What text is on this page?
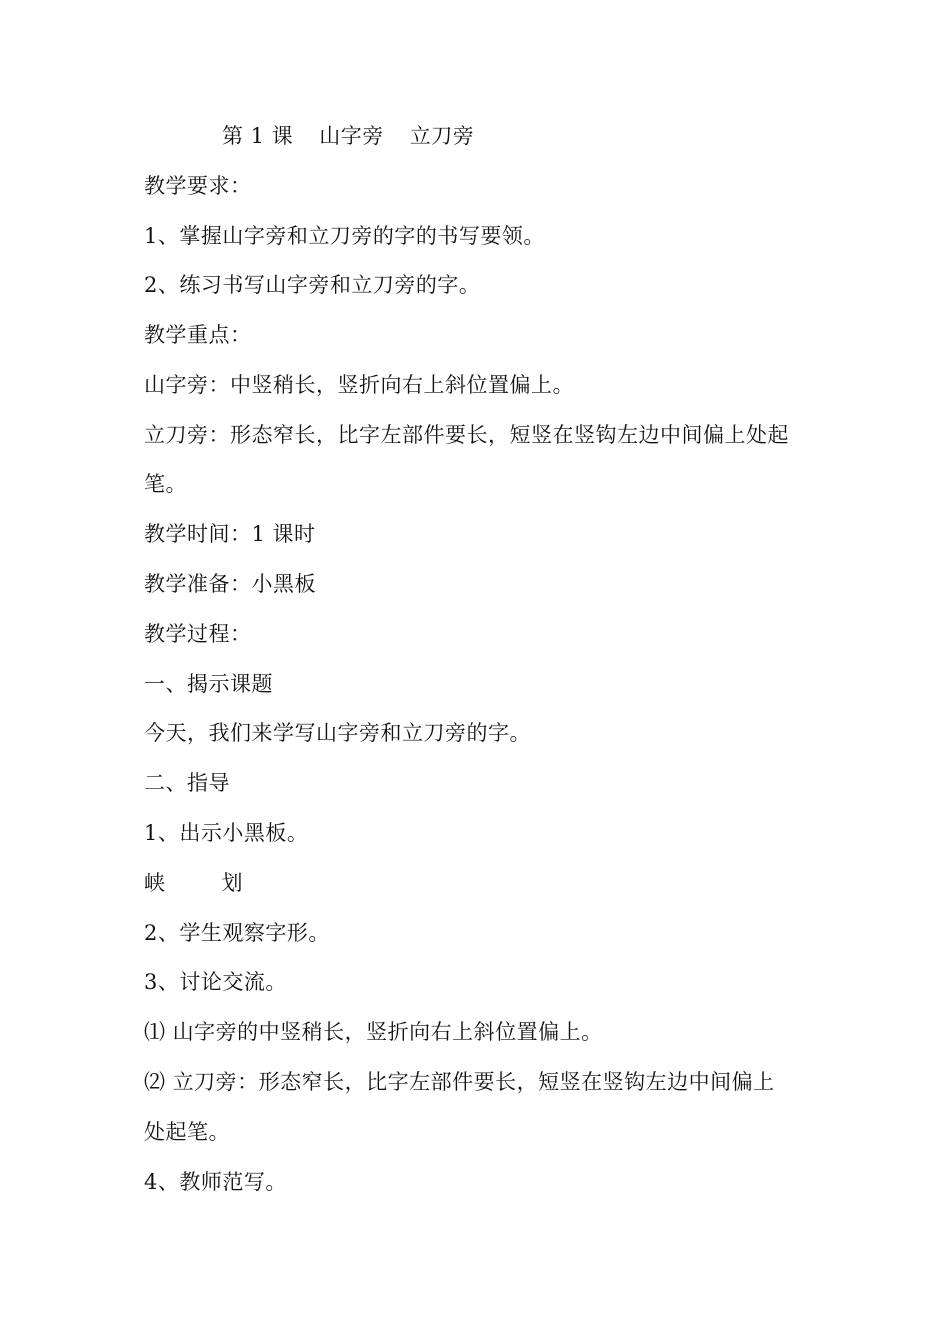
第 1 课 山字旁 立刀旁
教学要求：
1、掌握山字旁和立刀旁的字的书写要领。
2、练习书写山字旁和立刀旁的字。
教学重点：
山字旁：中竖稍长，竖折向右上斜位置偏上。
立刀旁：形态窄长，比字左部件要长，短竖在竖钩左边中间偏上处起
笔。
教学时间：1 课时
教学准备：小黑板
教学过程：
一、揭示课题
今天，我们来学写山字旁和立刀旁的字。
二、指导
1、出示小黑板。
峡	划
2、学生观察字形。
3、讨论交流。
⑴ 山字旁的中竖稍长，竖折向右上斜位置偏上。
⑵ 立刀旁：形态窄长，比字左部件要长，短竖在竖钩左边中间偏上
处起笔。
4、教师范写。
